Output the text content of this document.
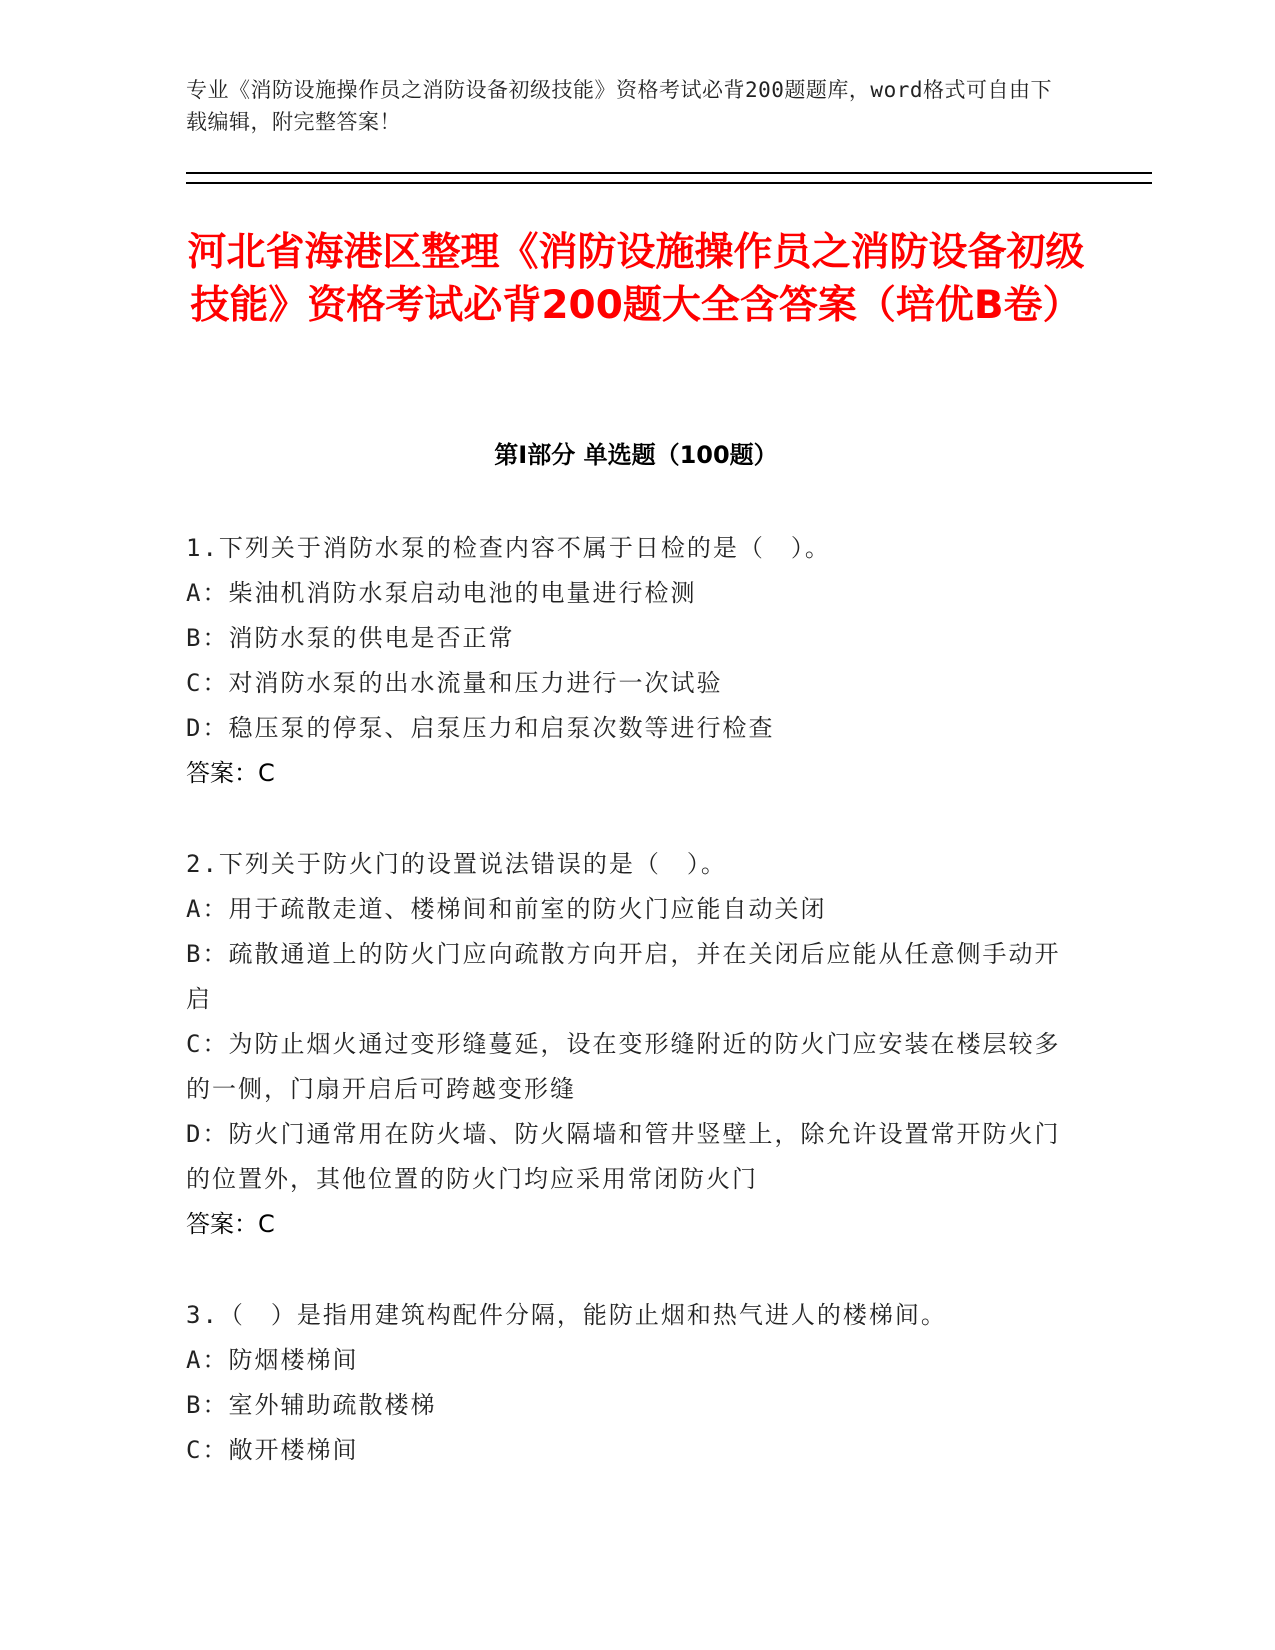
专业《消防设施操作员之消防设备初级技能》资格考试必背200题题库，word格式可自由下载编辑，附完整答案！

河北省海港区整理《消防设施操作员之消防设备初级技能》资格考试必背200题大全含答案（培优B卷）
第Ⅰ部分 单选题（100题）

1.下列关于消防水泵的检查内容不属于日检的是（　）。

A：柴油机消防水泵启动电池的电量进行检测

B：消防水泵的供电是否正常

C：对消防水泵的出水流量和压力进行一次试验

D：稳压泵的停泵、启泵压力和启泵次数等进行检查

答案：C

2.下列关于防火门的设置说法错误的是（　）。

A：用于疏散走道、楼梯间和前室的防火门应能自动关闭

B：疏散通道上的防火门应向疏散方向开启，并在关闭后应能从任意侧手动开启

C：为防止烟火通过变形缝蔓延，设在变形缝附近的防火门应安装在楼层较多的一侧，门扇开启后可跨越变形缝

D：防火门通常用在防火墙、防火隔墙和管井竖壁上，除允许设置常开防火门的位置外，其他位置的防火门均应采用常闭防火门

答案：C

3.（　）是指用建筑构配件分隔，能防止烟和热气进人的楼梯间。

A：防烟楼梯间

B：室外辅助疏散楼梯

C：敞开楼梯间
